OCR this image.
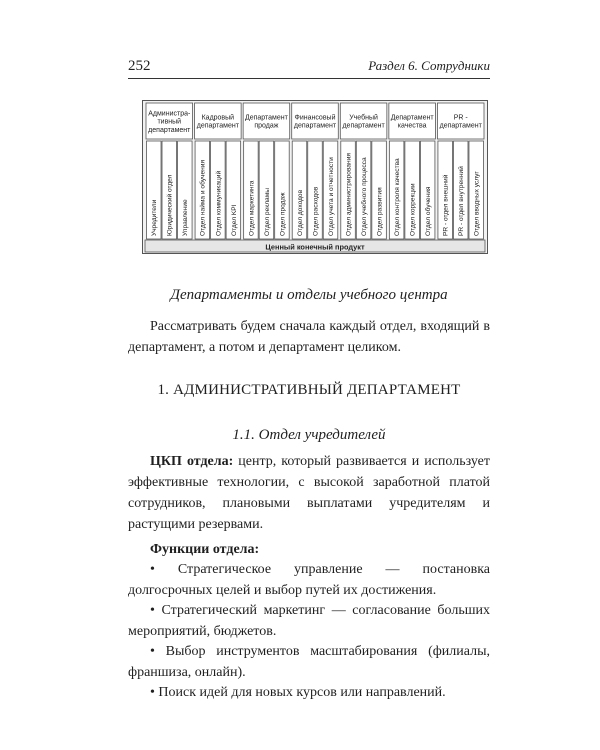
252	Раздел 6. Сотрудники
Администра-
тивный
департамент
Учредители Юридический отдел Управление
Кадровый
департамент
Отдел найма и обучения Отдел коммуникаций Отдел KPI
Департамент
продаж
Отдел маркетинга Отдел рекламы Отдел продаж
Финансовый
департамент
Отдел доходов Отдел расходов Отдел учета и отчетности
Учебный
департамент
Отдел администрирования Отдел учебного процесса Отдел развития
Департамент
качества
Отдел контроля качества Отдел коррекции Отдел обучения
PR -
департамент
PR - отдел внешний PR - отдел внутренний Отдел вводных услуг
Ценный конечный продукт
Департаменты и отделы учебного центра

Рассматривать будем сначала каждый отдел, входящий в департамент, а потом и департамент целиком.

1. АДМИНИСТРАТИВНЫЙ ДЕПАРТАМЕНТ
1.1. Отдел учредителей

ЦКП отдела: центр, который развивается и использует эффективные технологии, с высокой заработной платой сотрудников, плановыми выплатами учредителям и растущими резервами.

Функции отдела:
• Стратегическое управление — постановка долгосрочных целей и выбор путей их достижения.
• Стратегический маркетинг — согласование больших мероприятий, бюджетов.
• Выбор инструментов масштабирования (филиалы, франшиза, онлайн).
• Поиск идей для новых курсов или направлений.
